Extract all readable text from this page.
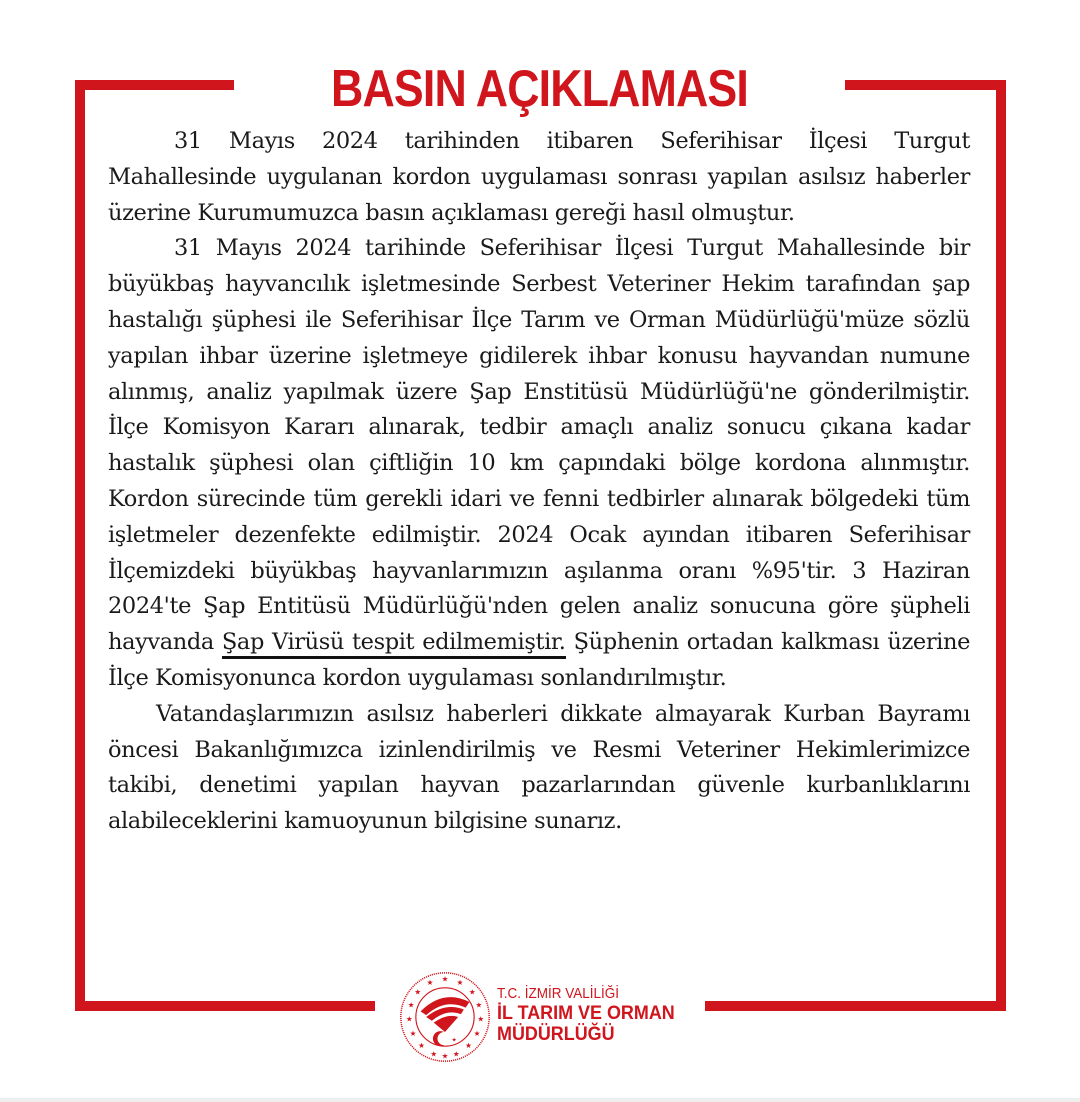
BASIN AÇIKLAMASI

31 Mayıs 2024 tarihinden itibaren Seferihisar İlçesi Turgut Mahallesinde uygulanan kordon uygulaması sonrası yapılan asılsız haberler üzerine Kurumumuzca basın açıklaması gereği hasıl olmuştur.

31 Mayıs 2024 tarihinde Seferihisar İlçesi Turgut Mahallesinde bir büyükbaş hayvancılık işletmesinde Serbest Veteriner Hekim tarafından şap hastalığı şüphesi ile Seferihisar İlçe Tarım ve Orman Müdürlüğü'müze sözlü yapılan ihbar üzerine işletmeye gidilerek ihbar konusu hayvandan numune alınmış, analiz yapılmak üzere Şap Enstitüsü Müdürlüğü'ne gönderilmiştir. İlçe Komisyon Kararı alınarak, tedbir amaçlı analiz sonucu çıkana kadar hastalık şüphesi olan çiftliğin 10 km çapındaki bölge kordona alınmıştır. Kordon sürecinde tüm gerekli idari ve fenni tedbirler alınarak bölgedeki tüm işletmeler dezenfekte edilmiştir. 2024 Ocak ayından itibaren Seferihisar İlçemizdeki büyükbaş hayvanlarımızın aşılanma oranı %95'tir. 3 Haziran 2024'te Şap Entitüsü Müdürlüğü'nden gelen analiz sonucuna göre şüpheli hayvanda Şap Virüsü tespit edilmemiştir. Şüphenin ortadan kalkması üzerine İlçe Komisyonunca kordon uygulaması sonlandırılmıştır.

Vatandaşlarımızın asılsız haberleri dikkate almayarak Kurban Bayramı öncesi Bakanlığımızca izinlendirilmiş ve Resmi Veteriner Hekimlerimizce takibi, denetimi yapılan hayvan pazarlarından güvenle kurbanlıklarını alabileceklerini kamuoyunun bilgisine sunarız.

★ ★
★
★
★
★
★
★
★
★
★
★
★
★
★ ★
★
T.C. İZMİR VALİLİĞİ
İL TARIM VE ORMAN
MÜDÜRLÜĞÜ
